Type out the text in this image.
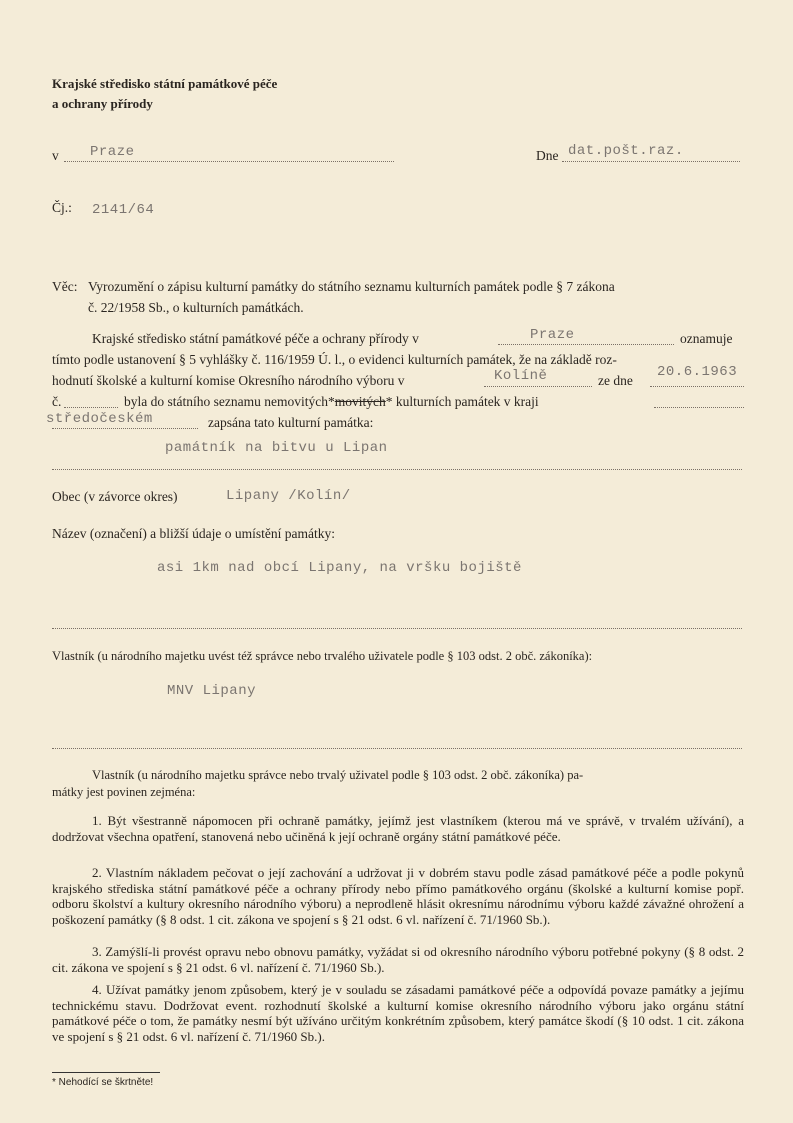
Krajské středisko státní památkové péče
a ochrany přírody
v Praze	Dne dat.pošt.raz.
Čj.: 2141/64
Věc: Vyrozumění o zápisu kulturní památky do státního seznamu kulturních památek podle § 7 zákona
č. 22/1958 Sb., o kulturních památkách.
Krajské středisko státní památkové péče a ochrany přírody v	Praze	oznamuje
tímto podle ustanovení § 5 vyhlášky č. 116/1959 Ú. l., o evidenci kulturních památek, že na základě roz-
hodnutí školské a kulturní komise Okresního národního výboru v	Kolíně	ze dne
20.6.1963
č.	byla do státního seznamu nemovitých*movitých* kulturních památek v kraji
středočeském	zapsána tato kulturní památka:
památník na bitvu u Lipan
Obec (v závorce okres)	Lipany /Kolín/
Název (označení) a bližší údaje o umístění památky:
asi 1km nad obcí Lipany, na vršku bojiště
Vlastník (u národního majetku uvést též správce nebo trvalého uživatele podle § 103 odst. 2 obč. zákoníka):
MNV Lipany
Vlastník (u národního majetku správce nebo trvalý uživatel podle § 103 odst. 2 obč. zákoníka) pa-
mátky jest povinen zejména:
1. Být všestranně nápomocen při ochraně památky, jejímž jest vlastníkem (kterou má ve správě, v trvalém užívání), a dodržovat všechna opatření, stanovená nebo učiněná k její ochraně orgány státní památkové péče.
2. Vlastním nákladem pečovat o její zachování a udržovat ji v dobrém stavu podle zásad památkové péče a podle pokynů krajského střediska státní památkové péče a ochrany přírody nebo přímo památkového orgánu (školské a kulturní komise popř. odboru školství a kultury okresního národního výboru) a neprodleně hlásit okresnímu národnímu výboru každé závažné ohrožení a poškození památky (§ 8 odst. 1 cit. zákona ve spojení s § 21 odst. 6 vl. nařízení č. 71/1960 Sb.).
3. Zamýšlí-li provést opravu nebo obnovu památky, vyžádat si od okresního národního výboru potřebné pokyny (§ 8 odst. 2 cit. zákona ve spojení s § 21 odst. 6 vl. nařízení č. 71/1960 Sb.).
4. Užívat památky jenom způsobem, který je v souladu se zásadami památkové péče a odpovídá povaze památky a jejímu technickému stavu. Dodržovat event. rozhodnutí školské a kulturní komise okresního národního výboru jako orgánu státní památkové péče o tom, že památky nesmí být užíváno určitým konkrétním způsobem, který památce škodí (§ 10 odst. 1 cit. zákona ve spojení s § 21 odst. 6 vl. nařízení č. 71/1960 Sb.).
* Nehodící se škrtněte!
